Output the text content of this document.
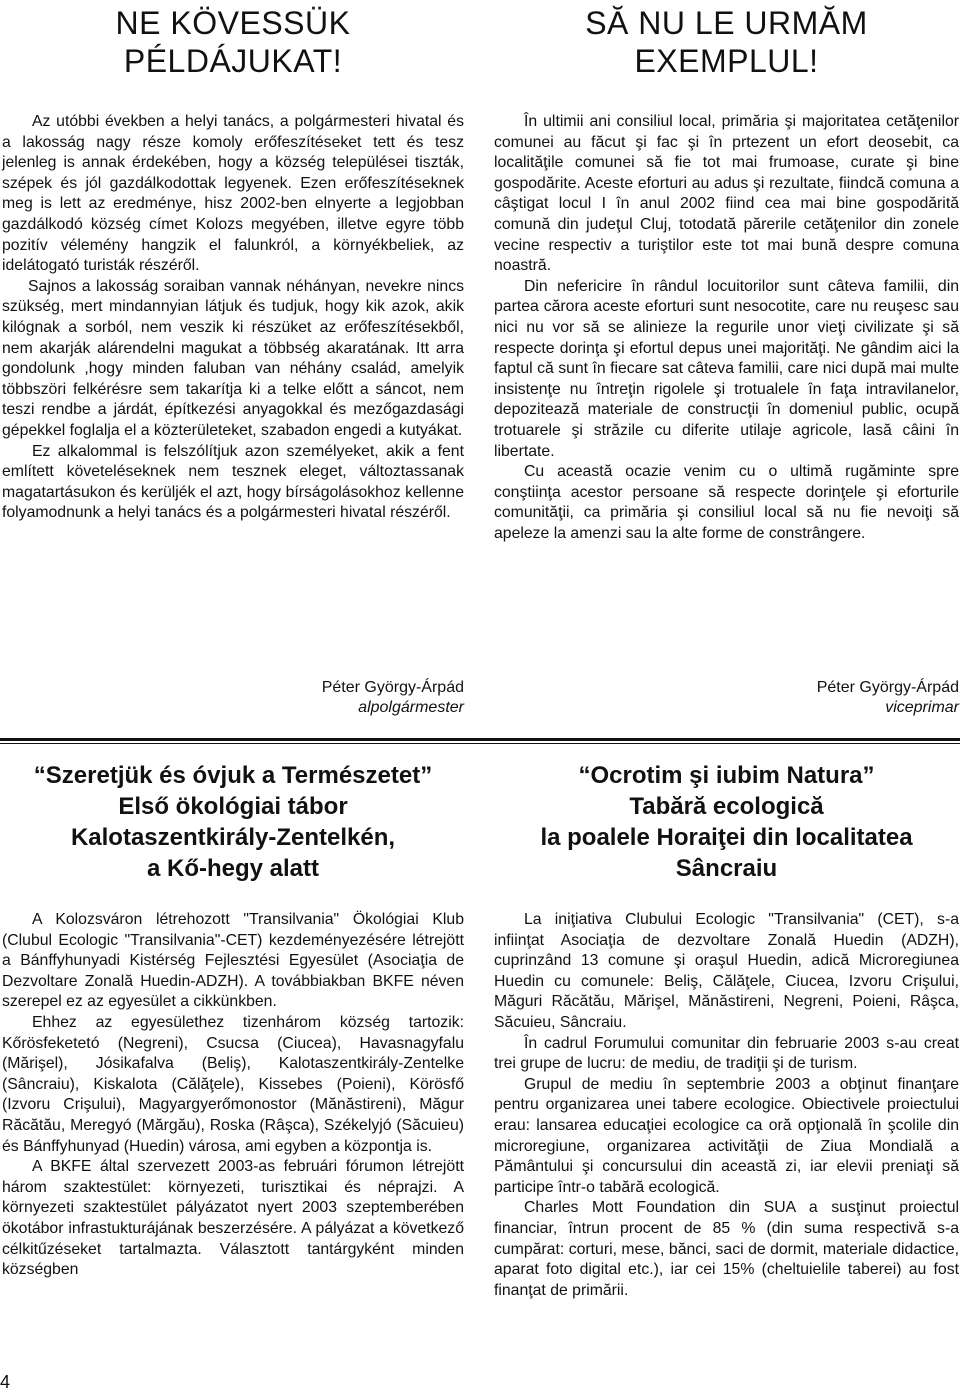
NE KÖVESSÜK
PÉLDÁJUKAT!

Az utóbbi években a helyi tanács, a polgármesteri hivatal és a lakosság nagy része komoly erőfeszítéseket tett és tesz jelenleg is annak érdekében, hogy a község települései tiszták, szépek és jól gazdálkodottak legyenek. Ezen erőfeszítéseknek meg is lett az eredménye, hisz 2002-ben elnyerte a legjobban gazdálkodó község címet Kolozs megyében, illetve egyre több pozitív vélemény hangzik el falunkról, a környékbeliek, az idelátogató turisták részéről.

Sajnos a lakosság soraiban vannak néhányan, nevekre nincs szükség, mert mindannyian látjuk és tudjuk, hogy kik azok, akik kilógnak a sorból, nem veszik ki részüket az erőfeszítésekből, nem akarják alárendelni magukat a többség akaratának. Itt arra gondolunk ,hogy minden faluban van néhány család, amelyik többszöri felkérésre sem takarítja ki a telke előtt a sáncot, nem teszi rendbe a járdát, építkezési anyagokkal és mezőgazdasági gépekkel foglalja el a közterületeket, szabadon engedi a kutyákat.

Ez alkalommal is felszólítjuk azon személyeket, akik a fent említett követeléseknek nem tesznek eleget, változtassanak magatartásukon és kerüljék el azt, hogy bírságolásokhoz kellenne folyamodnunk a helyi tanács és a polgármesteri hivatal részéről.

Péter György-Árpád
alpolgármester
SĂ NU LE URMĂM
EXEMPLUL!

În ultimii ani consiliul local, primăria şi majoritatea cetăţenilor comunei au făcut şi fac şi în prtezent un efort deosebit, ca localităţile comunei să fie tot mai frumoase, curate şi bine gospodărite. Aceste eforturi au adus şi rezultate, fiindcă comuna a câştigat locul I în anul 2002 fiind cea mai bine gospodărită comună din judeţul Cluj, totodată părerile cetăţenilor din zonele vecine respectiv a turiştilor este tot mai bună despre comuna noastră.

Din nefericire în rândul locuitorilor sunt câteva familii, din partea cărora aceste eforturi sunt nesocotite, care nu reuşesc sau nici nu vor să se alinieze la regurile unor vieţi civilizate şi să respecte dorinţa şi efortul depus unei majorităţi. Ne gândim aici la faptul că sunt în fiecare sat câteva familii, care nici după mai multe insistenţe nu întreţin rigolele şi trotualele în faţa intravilanelor, depozitează materiale de construcţii în domeniul public, ocupă trotuarele şi străzile cu diferite utilaje agricole, lasă câini în libertate.

Cu această ocazie venim cu o ultimă rugăminte spre conştiinţa acestor persoane să respecte dorinţele şi eforturile comunităţii, ca primăria şi consiliul local să nu fie nevoiţi să apeleze la amenzi sau la alte forme de constrângere.

Péter György-Árpád
viceprimar
“Szeretjük és óvjuk a Természetet”
Első ökológiai tábor
Kalotaszentkirály-Zentelkén,
a Kő-hegy alatt

A Kolozsváron létrehozott "Transilvania" Ökológiai Klub (Clubul Ecologic "Transilvania"-CET) kezdeményezésére létrejött a Bánffyhunyadi Kistérség Fejlesztési Egyesület (Asociaţia de Dezvoltare Zonală Huedin-ADZH). A továbbiakban BKFE néven szerepel ez az egyesület a cikkünkben.

Ehhez az egyesülethez tizenhárom község tartozik: Kőrösfeketetó (Negreni), Csucsa (Ciucea), Havasnagyfalu (Mărişel), Jósikafalva (Beliş), Kalotaszentkirály-Zentelke (Sâncraiu), Kiskalota (Călăţele), Kissebes (Poieni), Körösfő (Izvoru Crişului), Magyargyerőmonostor (Mănăstireni), Măgur Răcătău, Meregyó (Mărgău), Roska (Râşca), Székelyjó (Săcuieu) és Bánffyhunyad (Huedin) városa, ami egyben a központja is.

A BKFE által szervezett 2003-as februári fórumon létrejött három szaktestület: környezeti, turisztikai és néprajzi. A környezeti szaktestület pályázatot nyert 2003 szeptemberében ökotábor infrastukturájának beszerzésére. A pályázat a következő célkitűzéseket tartalmazta. Választott tantárgyként minden községben

“Ocrotim şi iubim Natura”
Tabără ecologică
la poalele Horaiţei din localitatea
Sâncraiu

La iniţiativa Clubului Ecologic "Transilvania" (CET), s-a infiinţat Asociaţia de dezvoltare Zonală Huedin (ADZH), cuprinzând 13 comune şi oraşul Huedin, adică Microregiunea Huedin cu comunele: Beliş, Călăţele, Ciucea, Izvoru Crişului, Măguri Răcătău, Mărişel, Mănăstireni, Negreni, Poieni, Râşca, Săcuieu, Sâncraiu.

În cadrul Forumului comunitar din februarie 2003 s-au creat trei grupe de lucru: de mediu, de tradiţii şi de turism.

Grupul de mediu în septembrie 2003 a obţinut finanţare pentru organizarea unei tabere ecologice. Obiectivele proiectului erau: lansarea educaţiei ecologice ca oră opţională în şcolile din microregiune, organizarea activităţii de Ziua Mondială a Pământului şi concursului din această zi, iar elevii preniaţi să participe într-o tabără ecologică.

Charles Mott Foundation din SUA a susţinut proiectul financiar, întrun procent de 85 % (din suma respectivă s-a cumpărat: corturi, mese, bănci, saci de dormit, materiale didactice, aparat foto digital etc.), iar cei 15% (cheltuielile taberei) au fost finanţat de primării.

4
